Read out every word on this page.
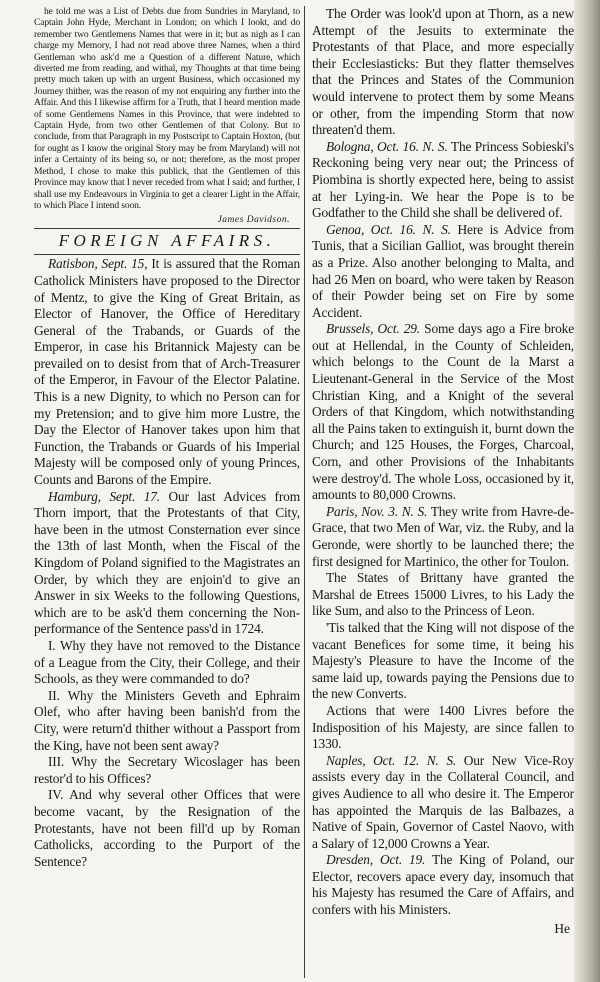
he told me was a List of Debts due from Sundries in Maryland, to Captain John Hyde, Merchant in London; on which I lookt, and do remember two Gentlemens Names that were in it; but as nigh as I can charge my Memory, I had not read above three Names, when a third Gentleman who ask'd me a Question of a different Nature, which diverted me from reading, and withal, my Thoughts at that time being pretty much taken up with an urgent Business, which occasioned my Journey thither, was the reason of my not enquiring any further into the Affair. And this I likewise affirm for a Truth, that I heard mention made of some Gentlemens Names in this Province, that were indebted to Captain Hyde, from two other Gentlemen of that Colony. But to conclude, from that Paragraph in my Postscript to Captain Hoxton, (but for ought as I know the original Story may be from Maryland) will not infer a Certainty of its being so, or not; therefore, as the most proper Method, I chose to make this publick, that the Gentlemen of this Province may know that I never receded from what I said; and further, I shall use my Endeavours in Virginia to get a clearer Light in the Affair, to which Place I intend soon.

James Davidson.
FOREIGN AFFAIRS.

Ratisbon, Sept. 15, It is assured that the Roman Catholick Ministers have proposed to the Director of Mentz, to give the King of Great Britain, as Elector of Hanover, the Office of Hereditary General of the Trabands, or Guards of the Emperor, in case his Britannick Majesty can be prevailed on to desist from that of Arch-Treasurer of the Emperor, in Favour of the Elector Palatine. This is a new Dignity, to which no Person can for my Pretension; and to give him more Lustre, the Day the Elector of Hanover takes upon him that Function, the Trabands or Guards of his Imperial Majesty will be composed only of young Princes, Counts and Barons of the Empire.

Hamburg, Sept. 17. Our last Advices from Thorn import, that the Protestants of that City, have been in the utmost Consternation ever since the 13th of last Month, when the Fiscal of the Kingdom of Poland signified to the Magistrates an Order, by which they are enjoin'd to give an Answer in six Weeks to the following Questions, which are to be ask'd them concerning the Non-performance of the Sentence pass'd in 1724.

I. Why they have not removed to the Distance of a League from the City, their College, and their Schools, as they were commanded to do?

II. Why the Ministers Geveth and Ephraim Olef, who after having been banish'd from the City, were return'd thither without a Passport from the King, have not been sent away?

III. Why the Secretary Wicoslager has been restor'd to his Offices?

IV. And why several other Offices that were become vacant, by the Resignation of the Protestants, have not been fill'd up by Roman Catholicks, according to the Purport of the Sentence?

The Order was look'd upon at Thorn, as a new Attempt of the Jesuits to exterminate the Protestants of that Place, and more especially their Ecclesiasticks: But they flatter themselves that the Princes and States of the Communion would intervene to protect them by some Means or other, from the impending Storm that now threaten'd them.

Bologna, Oct. 16. N. S. The Princess Sobieski's Reckoning being very near out; the Princess of Piombina is shortly expected here, being to assist at her Lying-in. We hear the Pope is to be Godfather to the Child she shall be delivered of.

Genoa, Oct. 16. N. S. Here is Advice from Tunis, that a Sicilian Galliot, was brought therein as a Prize. Also another belonging to Malta, and had 26 Men on board, who were taken by Reason of their Powder being set on Fire by some Accident.

Brussels, Oct. 29. Some days ago a Fire broke out at Hellendal, in the County of Schleiden, which belongs to the Count de la Marst a Lieutenant-General in the Service of the Most Christian King, and a Knight of the several Orders of that Kingdom, which notwithstanding all the Pains taken to extinguish it, burnt down the Church; and 125 Houses, the Forges, Charcoal, Corn, and other Provisions of the Inhabitants were destroy'd. The whole Loss, occasioned by it, amounts to 80,000 Crowns.

Paris, Nov. 3. N. S. They write from Havre-de-Grace, that two Men of War, viz. the Ruby, and la Geronde, were shortly to be launched there; the first designed for Martinico, the other for Toulon.

The States of Brittany have granted the Marshal de Etrees 15000 Livres, to his Lady the like Sum, and also to the Princess of Leon.

'Tis talked that the King will not dispose of the vacant Benefices for some time, it being his Majesty's Pleasure to have the Income of the same laid up, towards paying the Pensions due to the new Converts.

Actions that were 1400 Livres before the Indisposition of his Majesty, are since fallen to 1330.

Naples, Oct. 12. N. S. Our New Vice-Roy assists every day in the Collateral Council, and gives Audience to all who desire it. The Emperor has appointed the Marquis de las Balbazes, a Native of Spain, Governor of Castel Naovo, with a Salary of 12,000 Crowns a Year.

Dresden, Oct. 19. The King of Poland, our Elector, recovers apace every day, insomuch that his Majesty has resumed the Care of Affairs, and confers with his Ministers.

He
